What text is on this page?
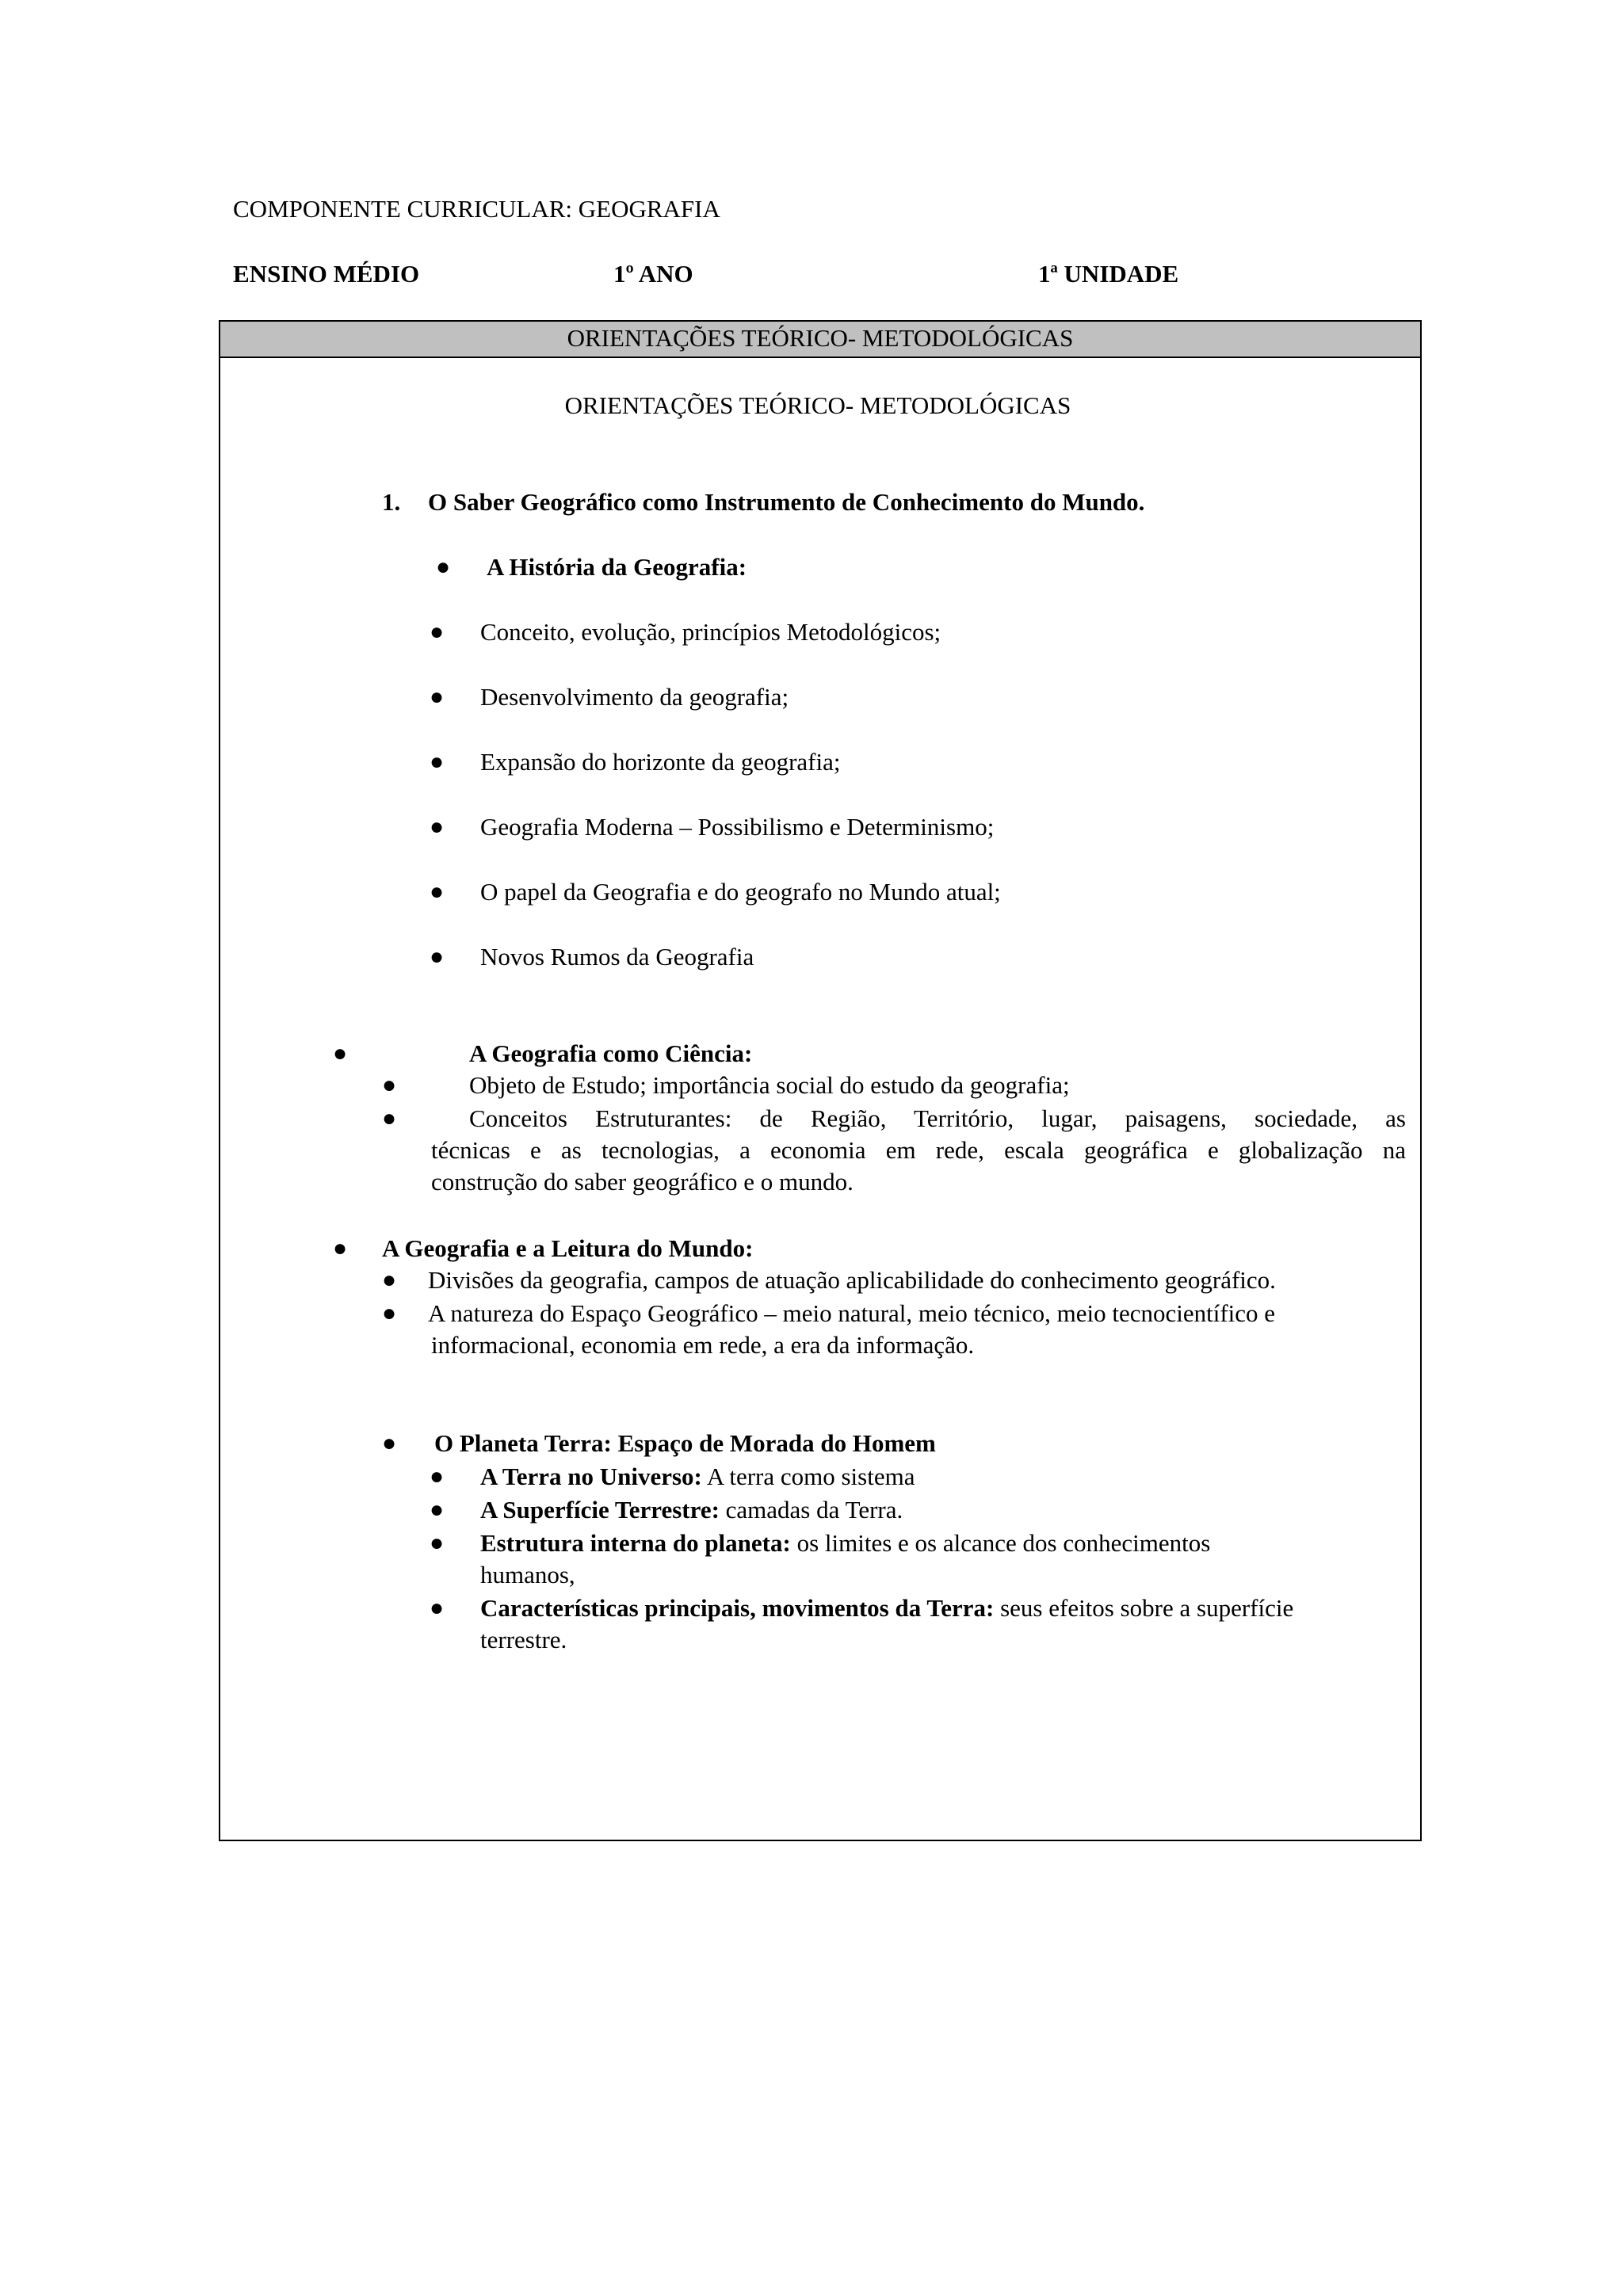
COMPONENTE CURRICULAR: GEOGRAFIA
ENSINO MÉDIO	1º ANO	1ª UNIDADE
ORIENTAÇÕES TEÓRICO- METODOLÓGICAS
ORIENTAÇÕES TEÓRICO- METODOLÓGICAS
1. O Saber Geográfico como Instrumento de Conhecimento do Mundo.
● A História da Geografia:
● Conceito, evolução, princípios Metodológicos;
● Desenvolvimento da geografia;
● Expansão do horizonte da geografia;
● Geografia Moderna – Possibilismo e Determinismo;
● O papel da Geografia e do geografo no Mundo atual;
● Novos Rumos da Geografia
●	A Geografia como Ciência:
●	Objeto de Estudo; importância social do estudo da geografia;
●	Conceitos Estruturantes: de Região, Território, lugar, paisagens, sociedade, as
técnicas e as tecnologias, a economia em rede, escala geográfica e globalização na
construção do saber geográfico e o mundo.
● A Geografia e a Leitura do Mundo:
● Divisões da geografia, campos de atuação aplicabilidade do conhecimento geográfico.
● A natureza do Espaço Geográfico – meio natural, meio técnico, meio tecnocientífico e
informacional, economia em rede, a era da informação.
● O Planeta Terra: Espaço de Morada do Homem
● A Terra no Universo: A terra como sistema
● A Superfície Terrestre: camadas da Terra.
● Estrutura interna do planeta: os limites e os alcance dos conhecimentos
humanos,
● Características principais, movimentos da Terra: seus efeitos sobre a superfície
terrestre.
